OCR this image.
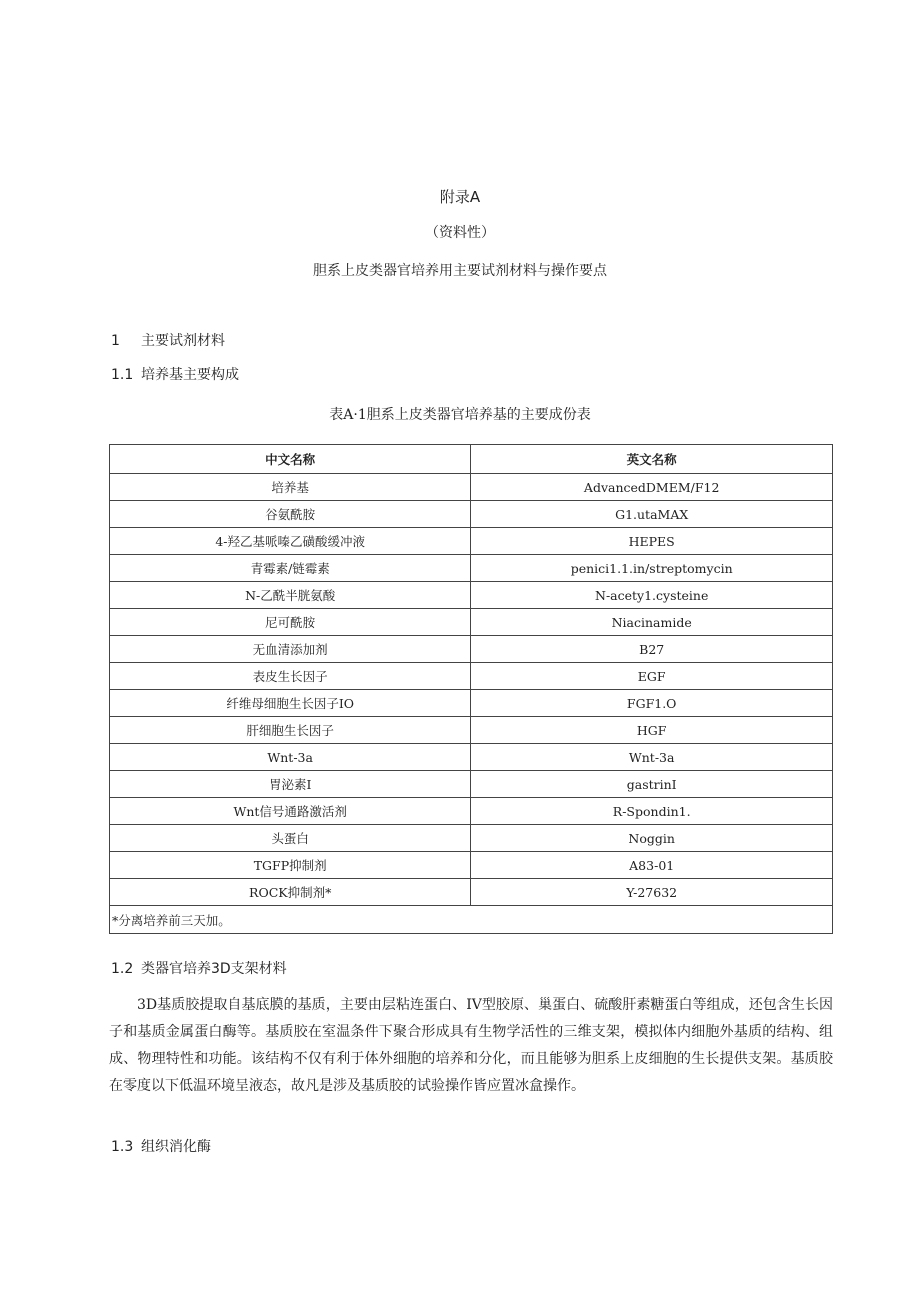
附录A
（资料性）
胆系上皮类器官培养用主要试剂材料与操作要点
1 主要试剂材料
1.1 培养基主要构成
表A·1胆系上皮类器官培养基的主要成份表
中文名称	英文名称
培养基	AdvancedDMEM/F12
谷氨酰胺	G1.utaMAX
4-羟乙基哌嗪乙磺酸缓冲液	HEPES
青霉素/链霉素	penici1.1.in/streptomycin
N-乙酰半胱氨酸	N-acety1.cysteine
尼可酰胺	Niacinamide
无血清添加剂	B27
表皮生长因子	EGF
纤维母细胞生长因子IO	FGF1.O
肝细胞生长因子	HGF
Wnt-3a	Wnt-3a
胃泌素I	gastrinI
Wnt信号通路激活剂	R-Spondin1.
头蛋白	Noggin
TGFP抑制剂	A83-01
ROCK抑制剂*	Y-27632
*分离培养前三天加。	
1.2 类器官培养3D支架材料
3D基质胶提取自基底膜的基质，主要由层粘连蛋白、IV型胶原、巢蛋白、硫酸肝素糖蛋白等组成，还包含生长因子和基质金属蛋白酶等。基质胶在室温条件下聚合形成具有生物学活性的三维支架，模拟体内细胞外基质的结构、组成、物理特性和功能。该结构不仅有利于体外细胞的培养和分化，而且能够为胆系上皮细胞的生长提供支架。基质胶在零度以下低温环境呈液态，故凡是涉及基质胶的试验操作皆应置冰盒操作。
1.3 组织消化酶
